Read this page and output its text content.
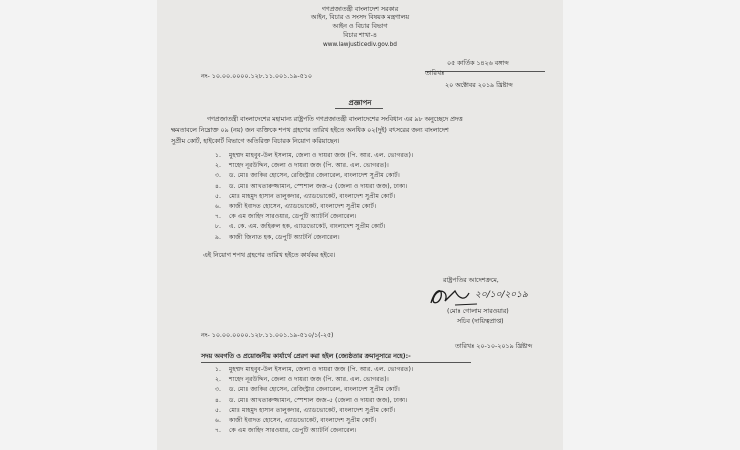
গণপ্রজাতন্ত্রী বাংলাদেশ সরকার
আইন, বিচার ও সংসদ বিষয়ক মন্ত্রণালয়
আইন ও বিচার বিভাগ
বিচার শাখা-৪
www.lawjusticediv.gov.bd
০৫ কার্তিক ১৪২৬ বঙ্গাব্দ
তারিখঃ
২০ অক্টোবর ২০১৯ খ্রিষ্টাব্দ
নং- ১০.০০.০০০০.১২৮.১১.০০১.১৯-৫১০
প্রজ্ঞাপন
গণপ্রজাতন্ত্রী বাংলাদেশের মহামান্য রাষ্ট্রপতি গণপ্রজাতন্ত্রী বাংলাদেশের সংবিধান এর ৯৮ অনুচ্ছেদে প্রদত্ত
ক্ষমতাবলে নিম্নোক্ত ০৯ (নয়) জন ব্যক্তিকে শপথ গ্রহণের তারিখ হইতে অনধিক ০২(দুই) বৎসরের জন্য বাংলাদেশ
সুপ্রীম কোর্ট, হাইকোর্ট বিভাগে অতিরিক্ত বিচারক নিয়োগ করিয়াছেন।
১. মুহম্মদ মাহবুব-উল ইসলাম, জেলা ও দায়রা জজ (পি. আর. এল. ভোগরত)।
২. শাহেদ নূরউদ্দিন, জেলা ও দায়রা জজ (পি. আর. এল. ভোগরত)।
৩. ড. মোঃ জাকির হোসেন, রেজিস্ট্রার জেনারেল, বাংলাদেশ সুপ্রীম কোর্ট।
৪. ড. মোঃ আখতারুজ্জামান, স্পেশাল জজ-৫ (জেলা ও দায়রা জজ), ঢাকা।
৫. মোঃ মাহমুদ হাসান তালুকদার, এ্যাডভোকেট, বাংলাদেশ সুপ্রীম কোর্ট।
৬. কাজী ইবাদত হোসেন, এ্যাডভোকেট, বাংলাদেশ সুপ্রীম কোর্ট।
৭. কে এম জাহিদ সারওয়ার, ডেপুটি অ্যাটর্নি জেনারেল।
৮. এ. কে. এম. জহিরুল হক, এ্যাডভোকেট, বাংলাদেশ সুপ্রীম কোর্ট।
৯. কাজী জিনাত হক, ডেপুটি অ্যাটর্নি জেনারেল।
এই নিয়োগ শপথ গ্রহণের তারিখ হইতে কার্যকর হইবে।
রাষ্ট্রপতির আদেশক্রমে,
২০/১০/২০১৯
(মোঃ গোলাম সারওয়ার)
সচিব (দায়িত্বপ্রাপ্ত)
নং- ১০.০০.০০০০.১২৮.১১.০০১.১৯-৫১০/১(-২৫)
তারিখঃ ২০-১০-২০১৯ খ্রিষ্টাব্দ
সদয় অবগতি ও প্রয়োজনীয় কার্যার্থে প্রেরণ করা হইল (জ্যেষ্ঠতার ক্রমানুসারে নহে):-
১. মুহম্মদ মাহবুব-উল ইসলাম, জেলা ও দায়রা জজ (পি. আর. এল. ভোগরত)।
২. শাহেদ নূরউদ্দিন, জেলা ও দায়রা জজ (পি. আর. এল. ভোগরত)।
৩. ড. মোঃ জাকির হোসেন, রেজিস্ট্রার জেনারেল, বাংলাদেশ সুপ্রীম কোর্ট।
৪. ড. মোঃ আখতারুজ্জামান, স্পেশাল জজ-৫ (জেলা ও দায়রা জজ), ঢাকা।
৫. মোঃ মাহমুদ হাসান তালুকদার, এ্যাডভোকেট, বাংলাদেশ সুপ্রীম কোর্ট।
৬. কাজী ইবাদত হোসেন, এ্যাডভোকেট, বাংলাদেশ সুপ্রীম কোর্ট।
৭. কে এম জাহিদ সারওয়ার, ডেপুটি অ্যাটর্নি জেনারেল।
